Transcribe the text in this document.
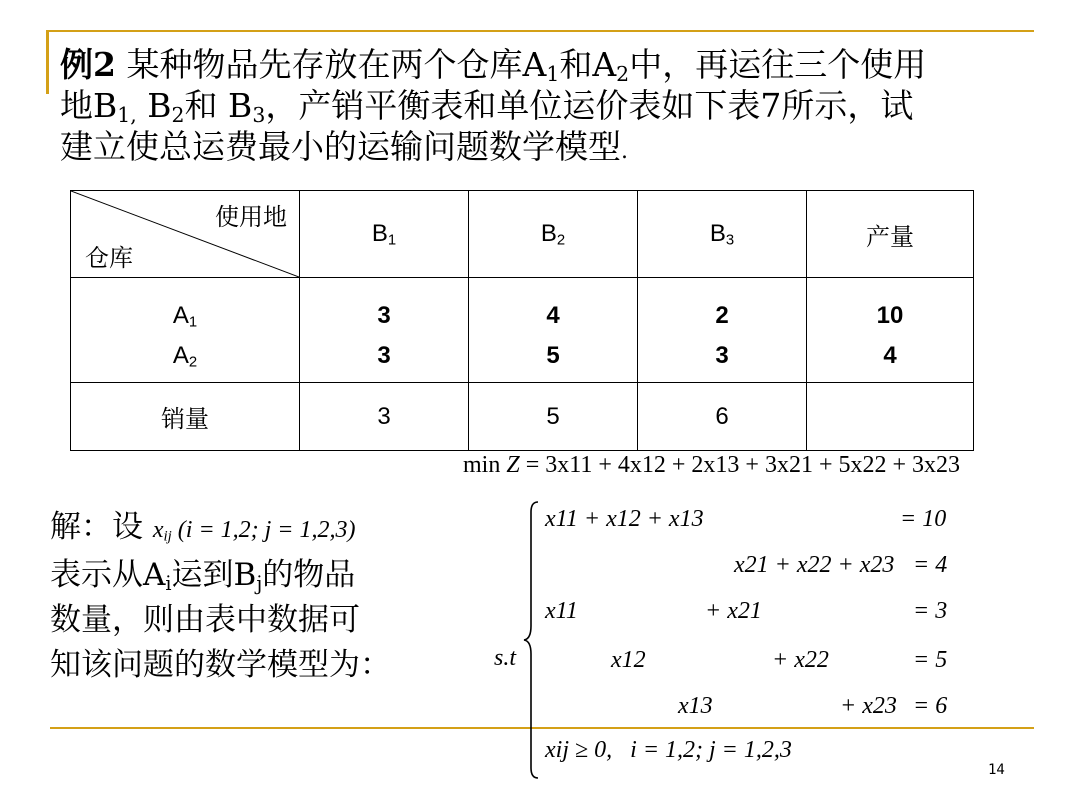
例2 某种物品先存放在两个仓库$A_1$和$A_2$中，再运往三个使用
地$B_{1,}$ $B_2$和 $B_3$，产销平衡表和单位运价表如下表7所示，试
建立使总运费最小的运输问题数学模型.
使用地
仓库	$B_1$	$B_2$	$B_3$	产量
$A_1$	3	4	2	10
$A_2$	3	5	3	4
销量	3	5	6	
min Z = 3x11 + 4x12 + 2x13 + 3x21 + 5x22 + 3x23
解：设 $x_{ij}$ (i = 1,2; j = 1,2,3)
表示从$A_i$运到$B_j$的物品
数量，则由表中数据可
知该问题的数学模型为：	s.t
x11 + x12 + x13	= 10
x21 + x22 + x23 = 4
x11	+ x21	= 3
x12	+ x22	= 5
x13	+ x23 = 6
xij ≥ 0,   i = 1,2; j = 1,2,3
14
